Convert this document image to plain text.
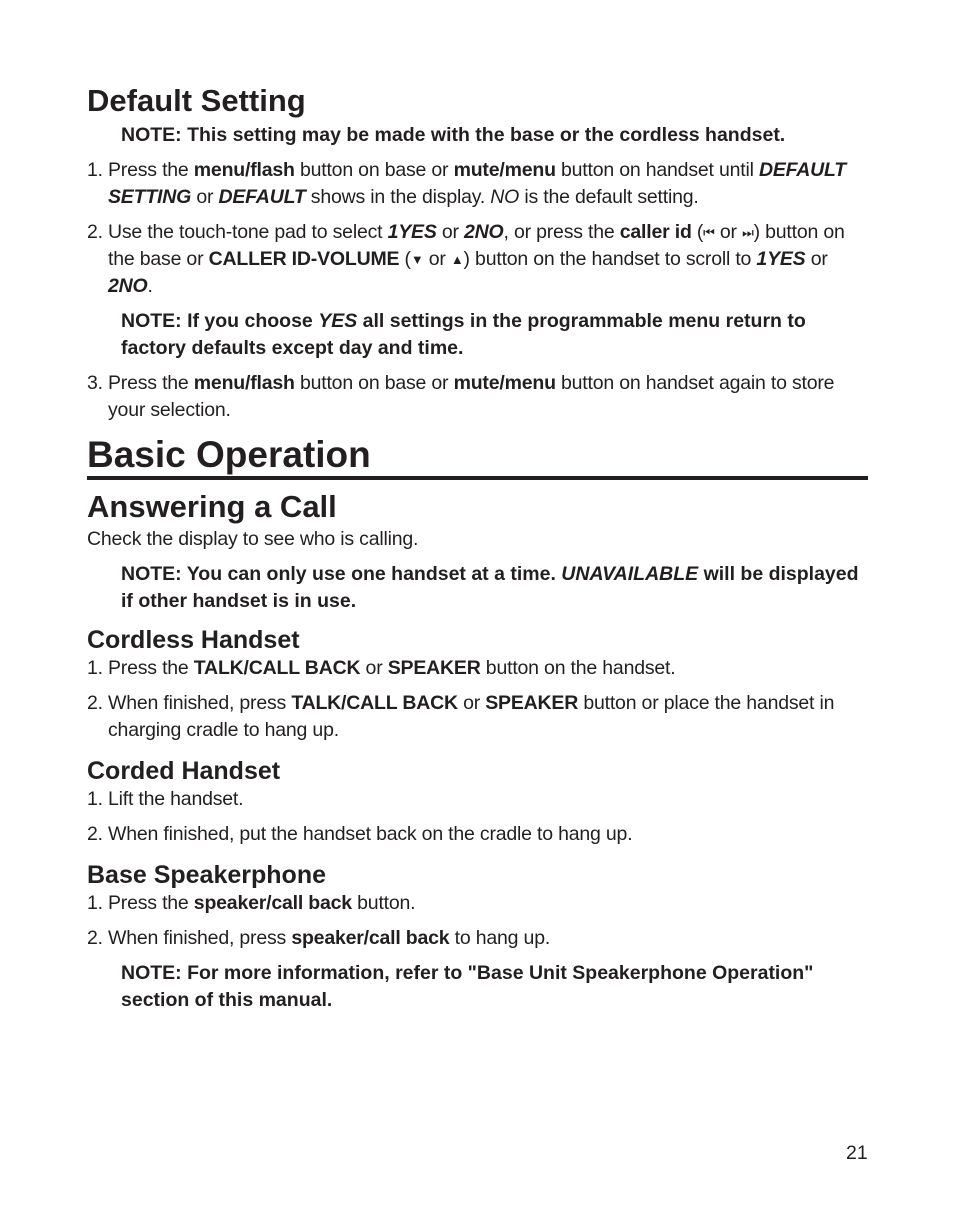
Default Setting
NOTE: This setting may be made with the base or the cordless handset.
1. Press the menu/flash button on base or mute/menu button on handset until DEFAULT SETTING or DEFAULT shows in the display. NO is the default setting.
2. Use the touch-tone pad to select 1YES or 2NO, or press the caller id (⏮ or ⏭) button on the base or CALLER ID-VOLUME (▼ or ▲) button on the handset to scroll to 1YES or 2NO.
NOTE: If you choose YES all settings in the programmable menu return to factory defaults except day and time.
3. Press the menu/flash button on base or mute/menu button on handset again to store your selection.
Basic Operation
Answering a Call

Check the display to see who is calling.

NOTE: You can only use one handset at a time. UNAVAILABLE will be displayed if other handset is in use.
Cordless Handset
1. Press the TALK/CALL BACK or SPEAKER button on the handset.
2. When finished, press TALK/CALL BACK or SPEAKER button or place the handset in charging cradle to hang up.
Corded Handset
1. Lift the handset.
2. When finished, put the handset back on the cradle to hang up.
Base Speakerphone
1. Press the speaker/call back button.
2. When finished, press speaker/call back to hang up.
NOTE: For more information, refer to "Base Unit Speakerphone Operation" section of this manual.
21
